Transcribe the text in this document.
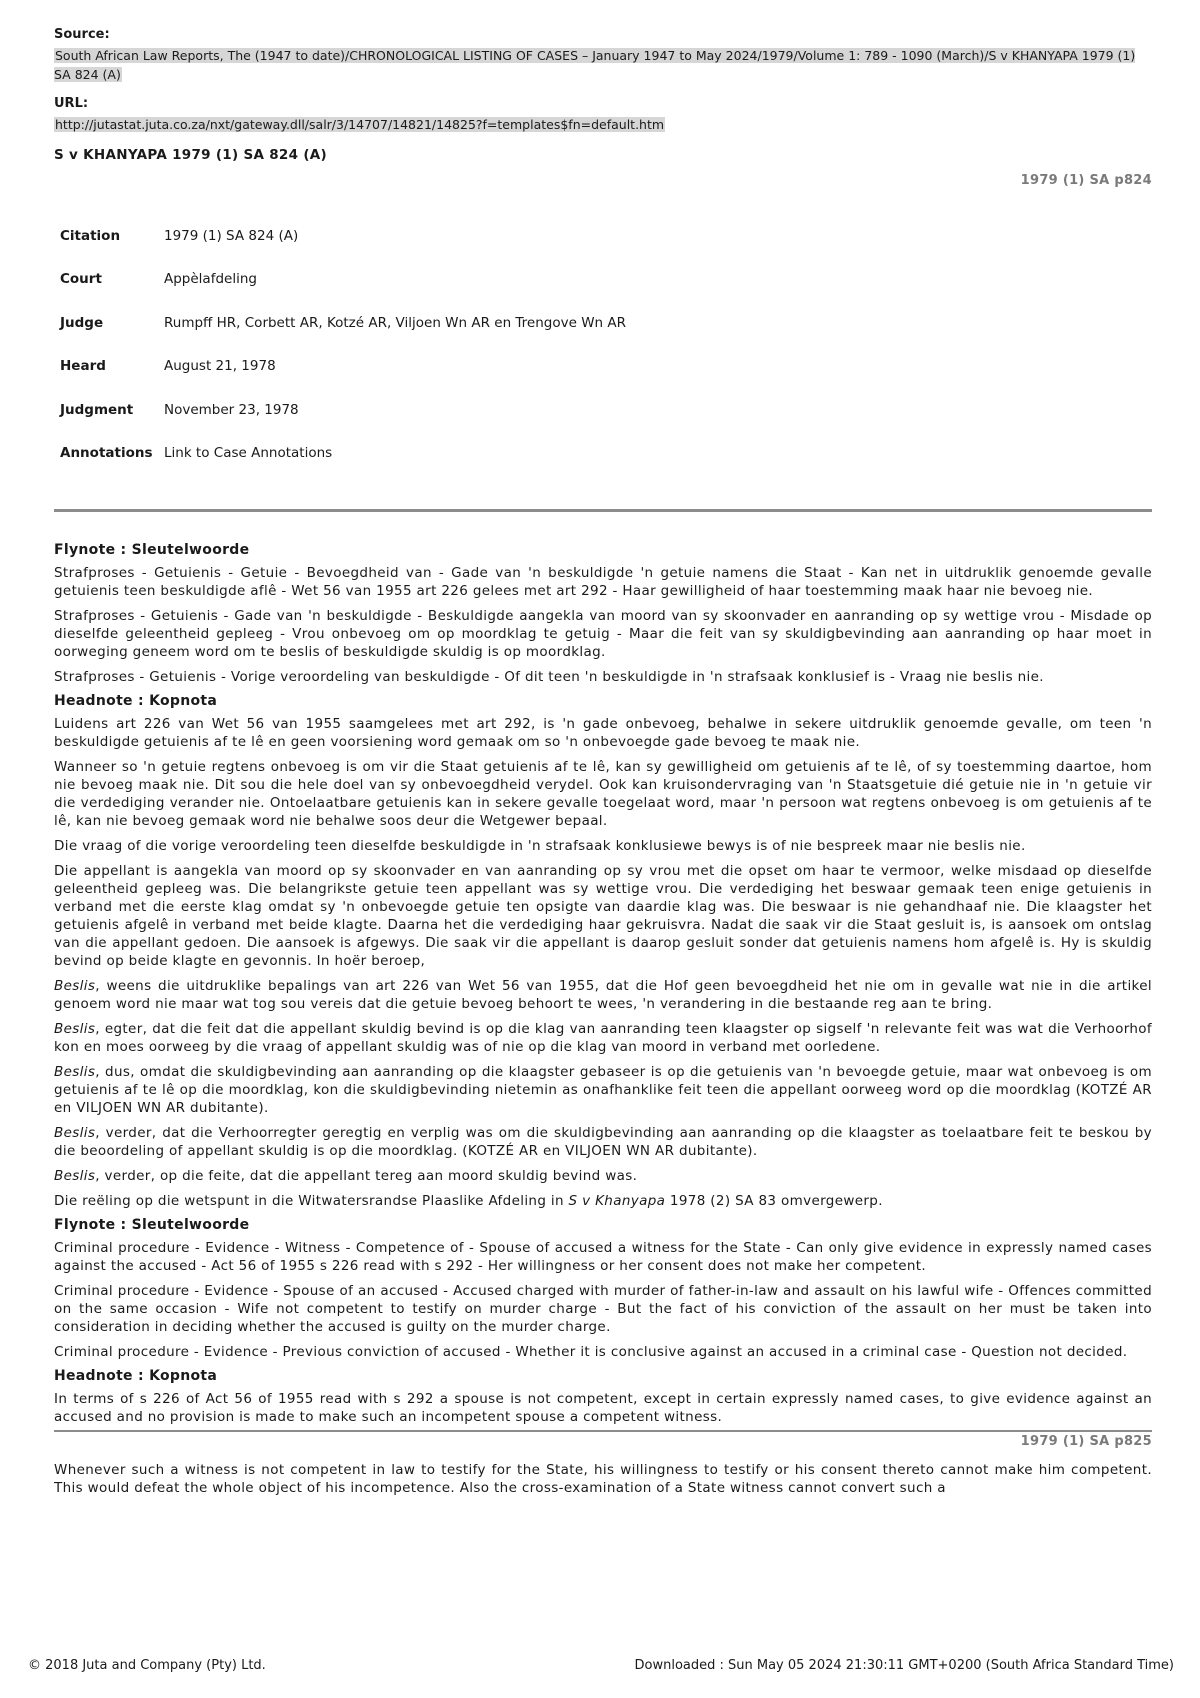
Source:
South African Law Reports, The (1947 to date)/CHRONOLOGICAL LISTING OF CASES – January 1947 to May 2024/1979/Volume 1: 789 - 1090 (March)/S v KHANYAPA 1979 (1) SA 824 (A)
URL:
http://jutastat.juta.co.za/nxt/gateway.dll/salr/3/14707/14821/14825?f=templates$fn=default.htm
S v KHANYAPA 1979 (1) SA 824 (A)
1979 (1) SA p824
Citation	1979 (1) SA 824 (A)
Court	Appèlafdeling
Judge	Rumpff HR, Corbett AR, Kotzé AR, Viljoen Wn AR en Trengove Wn AR
Heard	August 21, 1978
Judgment	November 23, 1978
Annotations	Link to Case Annotations
Flynote : Sleutelwoorde

Strafproses - Getuienis - Getuie - Bevoegdheid van - Gade van 'n beskuldigde 'n getuie namens die Staat - Kan net in uitdruklik genoemde gevalle getuienis teen beskuldigde aflê - Wet 56 van 1955 art 226 gelees met art 292 - Haar gewilligheid of haar toestemming maak haar nie bevoeg nie.

Strafproses - Getuienis - Gade van 'n beskuldigde - Beskuldigde aangekla van moord van sy skoonvader en aanranding op sy wettige vrou - Misdade op dieselfde geleentheid gepleeg - Vrou onbevoeg om op moordklag te getuig - Maar die feit van sy skuldigbevinding aan aanranding op haar moet in oorweging geneem word om te beslis of beskuldigde skuldig is op moordklag.

Strafproses - Getuienis - Vorige veroordeling van beskuldigde - Of dit teen 'n beskuldigde in 'n strafsaak konklusief is - Vraag nie beslis nie.

Headnote : Kopnota

Luidens art 226 van Wet 56 van 1955 saamgelees met art 292, is 'n gade onbevoeg, behalwe in sekere uitdruklik genoemde gevalle, om teen 'n beskuldigde getuienis af te lê en geen voorsiening word gemaak om so 'n onbevoegde gade bevoeg te maak nie.

Wanneer so 'n getuie regtens onbevoeg is om vir die Staat getuienis af te lê, kan sy gewilligheid om getuienis af te lê, of sy toestemming daartoe, hom nie bevoeg maak nie. Dit sou die hele doel van sy onbevoegdheid verydel. Ook kan kruisondervraging van 'n Staatsgetuie dié getuie nie in 'n getuie vir die verdediging verander nie. Ontoelaatbare getuienis kan in sekere gevalle toegelaat word, maar 'n persoon wat regtens onbevoeg is om getuienis af te lê, kan nie bevoeg gemaak word nie behalwe soos deur die Wetgewer bepaal.

Die vraag of die vorige veroordeling teen dieselfde beskuldigde in 'n strafsaak konklusiewe bewys is of nie bespreek maar nie beslis nie.

Die appellant is aangekla van moord op sy skoonvader en van aanranding op sy vrou met die opset om haar te vermoor, welke misdaad op dieselfde geleentheid gepleeg was. Die belangrikste getuie teen appellant was sy wettige vrou. Die verdediging het beswaar gemaak teen enige getuienis in verband met die eerste klag omdat sy 'n onbevoegde getuie ten opsigte van daardie klag was. Die beswaar is nie gehandhaaf nie. Die klaagster het getuienis afgelê in verband met beide klagte. Daarna het die verdediging haar gekruisvra. Nadat die saak vir die Staat gesluit is, is aansoek om ontslag van die appellant gedoen. Die aansoek is afgewys. Die saak vir die appellant is daarop gesluit sonder dat getuienis namens hom afgelê is. Hy is skuldig bevind op beide klagte en gevonnis. In hoër beroep,

Beslis, weens die uitdruklike bepalings van art 226 van Wet 56 van 1955, dat die Hof geen bevoegdheid het nie om in gevalle wat nie in die artikel genoem word nie maar wat tog sou vereis dat die getuie bevoeg behoort te wees, 'n verandering in die bestaande reg aan te bring.

Beslis, egter, dat die feit dat die appellant skuldig bevind is op die klag van aanranding teen klaagster op sigself 'n relevante feit was wat die Verhoorhof kon en moes oorweeg by die vraag of appellant skuldig was of nie op die klag van moord in verband met oorledene.

Beslis, dus, omdat die skuldigbevinding aan aanranding op die klaagster gebaseer is op die getuienis van 'n bevoegde getuie, maar wat onbevoeg is om getuienis af te lê op die moordklag, kon die skuldigbevinding nietemin as onafhanklike feit teen die appellant oorweeg word op die moordklag (KOTZÉ AR en VILJOEN WN AR dubitante).

Beslis, verder, dat die Verhoorregter geregtig en verplig was om die skuldigbevinding aan aanranding op die klaagster as toelaatbare feit te beskou by die beoordeling of appellant skuldig is op die moordklag. (KOTZÉ AR en VILJOEN WN AR dubitante).

Beslis, verder, op die feite, dat die appellant tereg aan moord skuldig bevind was.

Die reëling op die wetspunt in die Witwatersrandse Plaaslike Afdeling in S v Khanyapa 1978 (2) SA 83 omvergewerp.

Flynote : Sleutelwoorde

Criminal procedure - Evidence - Witness - Competence of - Spouse of accused a witness for the State - Can only give evidence in expressly named cases against the accused - Act 56 of 1955 s 226 read with s 292 - Her willingness or her consent does not make her competent.

Criminal procedure - Evidence - Spouse of an accused - Accused charged with murder of father-in-law and assault on his lawful wife - Offences committed on the same occasion - Wife not competent to testify on murder charge - But the fact of his conviction of the assault on her must be taken into consideration in deciding whether the accused is guilty on the murder charge.

Criminal procedure - Evidence - Previous conviction of accused - Whether it is conclusive against an accused in a criminal case - Question not decided.

Headnote : Kopnota

In terms of s 226 of Act 56 of 1955 read with s 292 a spouse is not competent, except in certain expressly named cases, to give evidence against an accused and no provision is made to make such an incompetent spouse a competent witness.

1979 (1) SA p825

Whenever such a witness is not competent in law to testify for the State, his willingness to testify or his consent thereto cannot make him competent. This would defeat the whole object of his incompetence. Also the cross-examination of a State witness cannot convert such a

© 2018 Juta and Company (Pty) Ltd.	Downloaded : Sun May 05 2024 21:30:11 GMT+0200 (South Africa Standard Time)
